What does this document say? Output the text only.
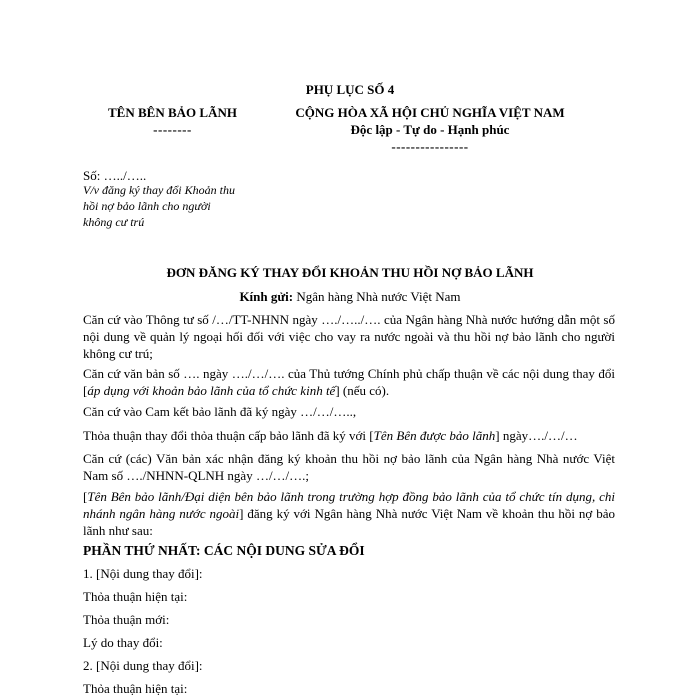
PHỤ LỤC SỐ 4
TÊN BÊN BẢO LÃNH
--------
CỘNG HÒA XÃ HỘI CHỦ NGHĨA VIỆT NAM
Độc lập - Tự do - Hạnh phúc
----------------
Số: …../…..
V/v đăng ký thay đổi Khoản thu
hồi nợ bảo lãnh cho người
không cư trú
ĐƠN ĐĂNG KÝ THAY ĐỔI KHOẢN THU HỒI NỢ BẢO LÃNH
Kính gửi: Ngân hàng Nhà nước Việt Nam
Căn cứ vào Thông tư số /…/TT-NHNN ngày …./…../…. của Ngân hàng Nhà nước hướng dẫn một số nội dung về quản lý ngoại hối đối với việc cho vay ra nước ngoài và thu hồi nợ bảo lãnh cho người không cư trú;
Căn cứ văn bản số …. ngày …./…/…. của Thủ tướng Chính phủ chấp thuận về các nội dung thay đổi [áp dụng với khoản bảo lãnh của tổ chức kinh tế] (nếu có).
Căn cứ vào Cam kết bảo lãnh đã ký ngày …/…/…..,
Thỏa thuận thay đổi thỏa thuận cấp bảo lãnh đã ký với [Tên Bên được bảo lãnh] ngày…./…/…
Căn cứ (các) Văn bản xác nhận đăng ký khoản thu hồi nợ bảo lãnh của Ngân hàng Nhà nước Việt Nam số …./NHNN-QLNH ngày …/…/….;
[Tên Bên bảo lãnh/Đại diện bên bảo lãnh trong trường hợp đồng bảo lãnh của tổ chức tín dụng, chi nhánh ngân hàng nước ngoài] đăng ký với Ngân hàng Nhà nước Việt Nam về khoản thu hồi nợ bảo lãnh như sau:
PHẦN THỨ NHẤT: CÁC NỘI DUNG SỬA ĐỔI
1. [Nội dung thay đổi]:
Thỏa thuận hiện tại:
Thỏa thuận mới:
Lý do thay đổi:
2. [Nội dung thay đổi]:
Thỏa thuận hiện tại:
